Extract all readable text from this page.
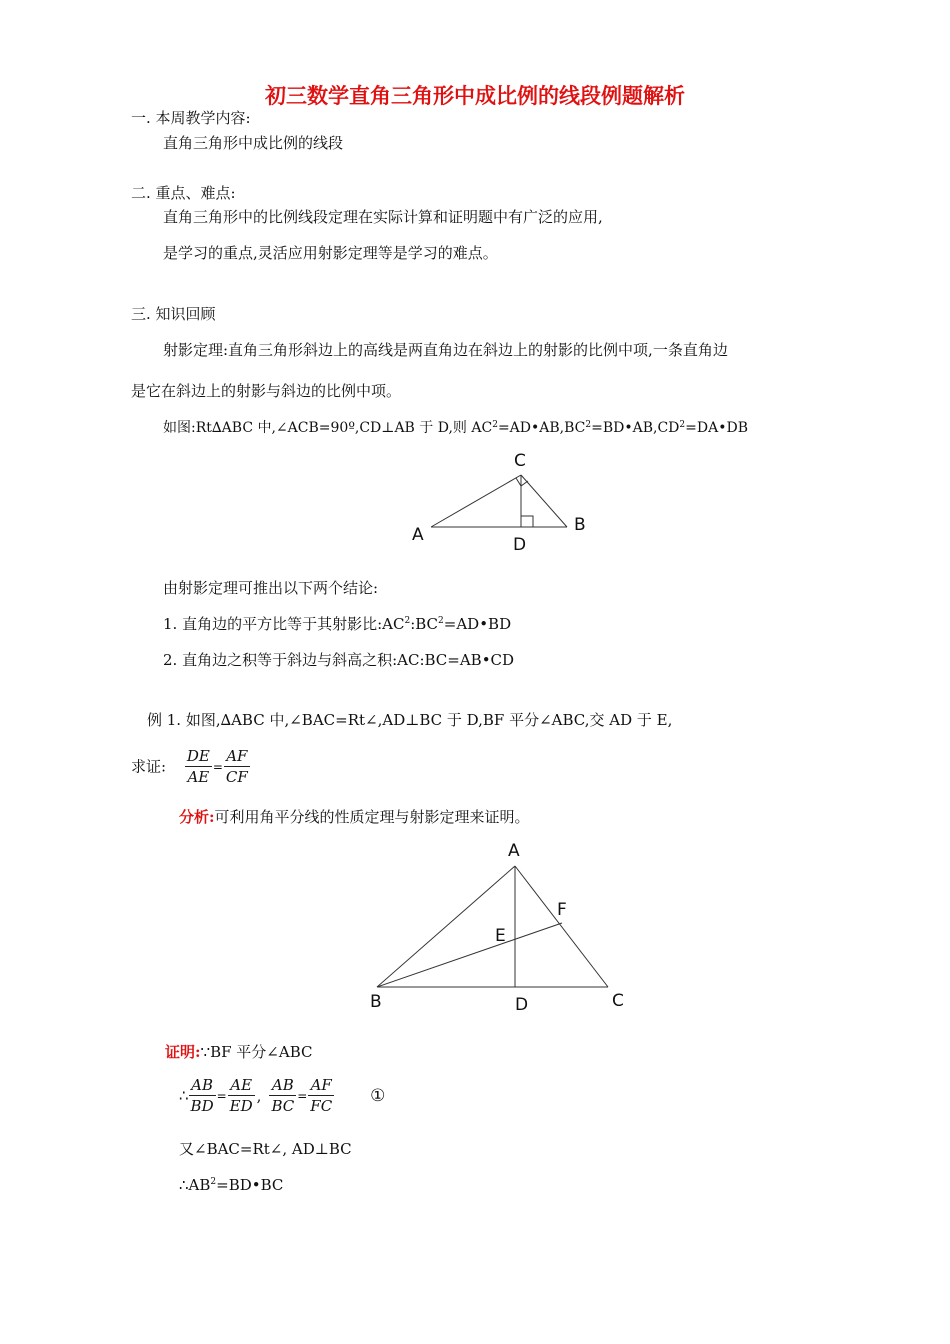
初三数学直角三角形中成比例的线段例题解析
一. 本周教学内容:
直角三角形中成比例的线段
二. 重点、难点:
直角三角形中的比例线段定理在实际计算和证明题中有广泛的应用,
是学习的重点,灵活应用射影定理等是学习的难点。
三. 知识回顾
射影定理:直角三角形斜边上的高线是两直角边在斜边上的射影的比例中项,一条直角边
是它在斜边上的射影与斜边的比例中项。
如图:Rt∆ABC 中,∠ACB=90º,CD⊥AB 于 D,则 $AC^2=AD•AB,BC^2=BD•AB,CD^2=DA•DB$
C
A	B
D
由射影定理可推出以下两个结论:
1. 直角边的平方比等于其射影比$:AC^2:BC^2=AD•BD$
2. 直角边之积等于斜边与斜高之积:AC:BC=AB•CD
例 1. 如图,∆ABC 中,∠BAC=Rt∠,AD⊥BC 于 D,BF 平分∠ABC,交 AD 于 E,
求证: $\frac{DE}{AE} = \frac{AF}{CF}$
分析:可利用角平分线的性质定理与射影定理来证明。
A
F
E
B	D	C
证明:∵BF 平分∠ABC
∴ $\frac{AB}{BD} = \frac{AE}{ED}$ , $\frac{AB}{BC} = \frac{AF}{FC}$ ①
又∠BAC=Rt∠, AD⊥BC
$\therefore AB^2=BD•BC$
